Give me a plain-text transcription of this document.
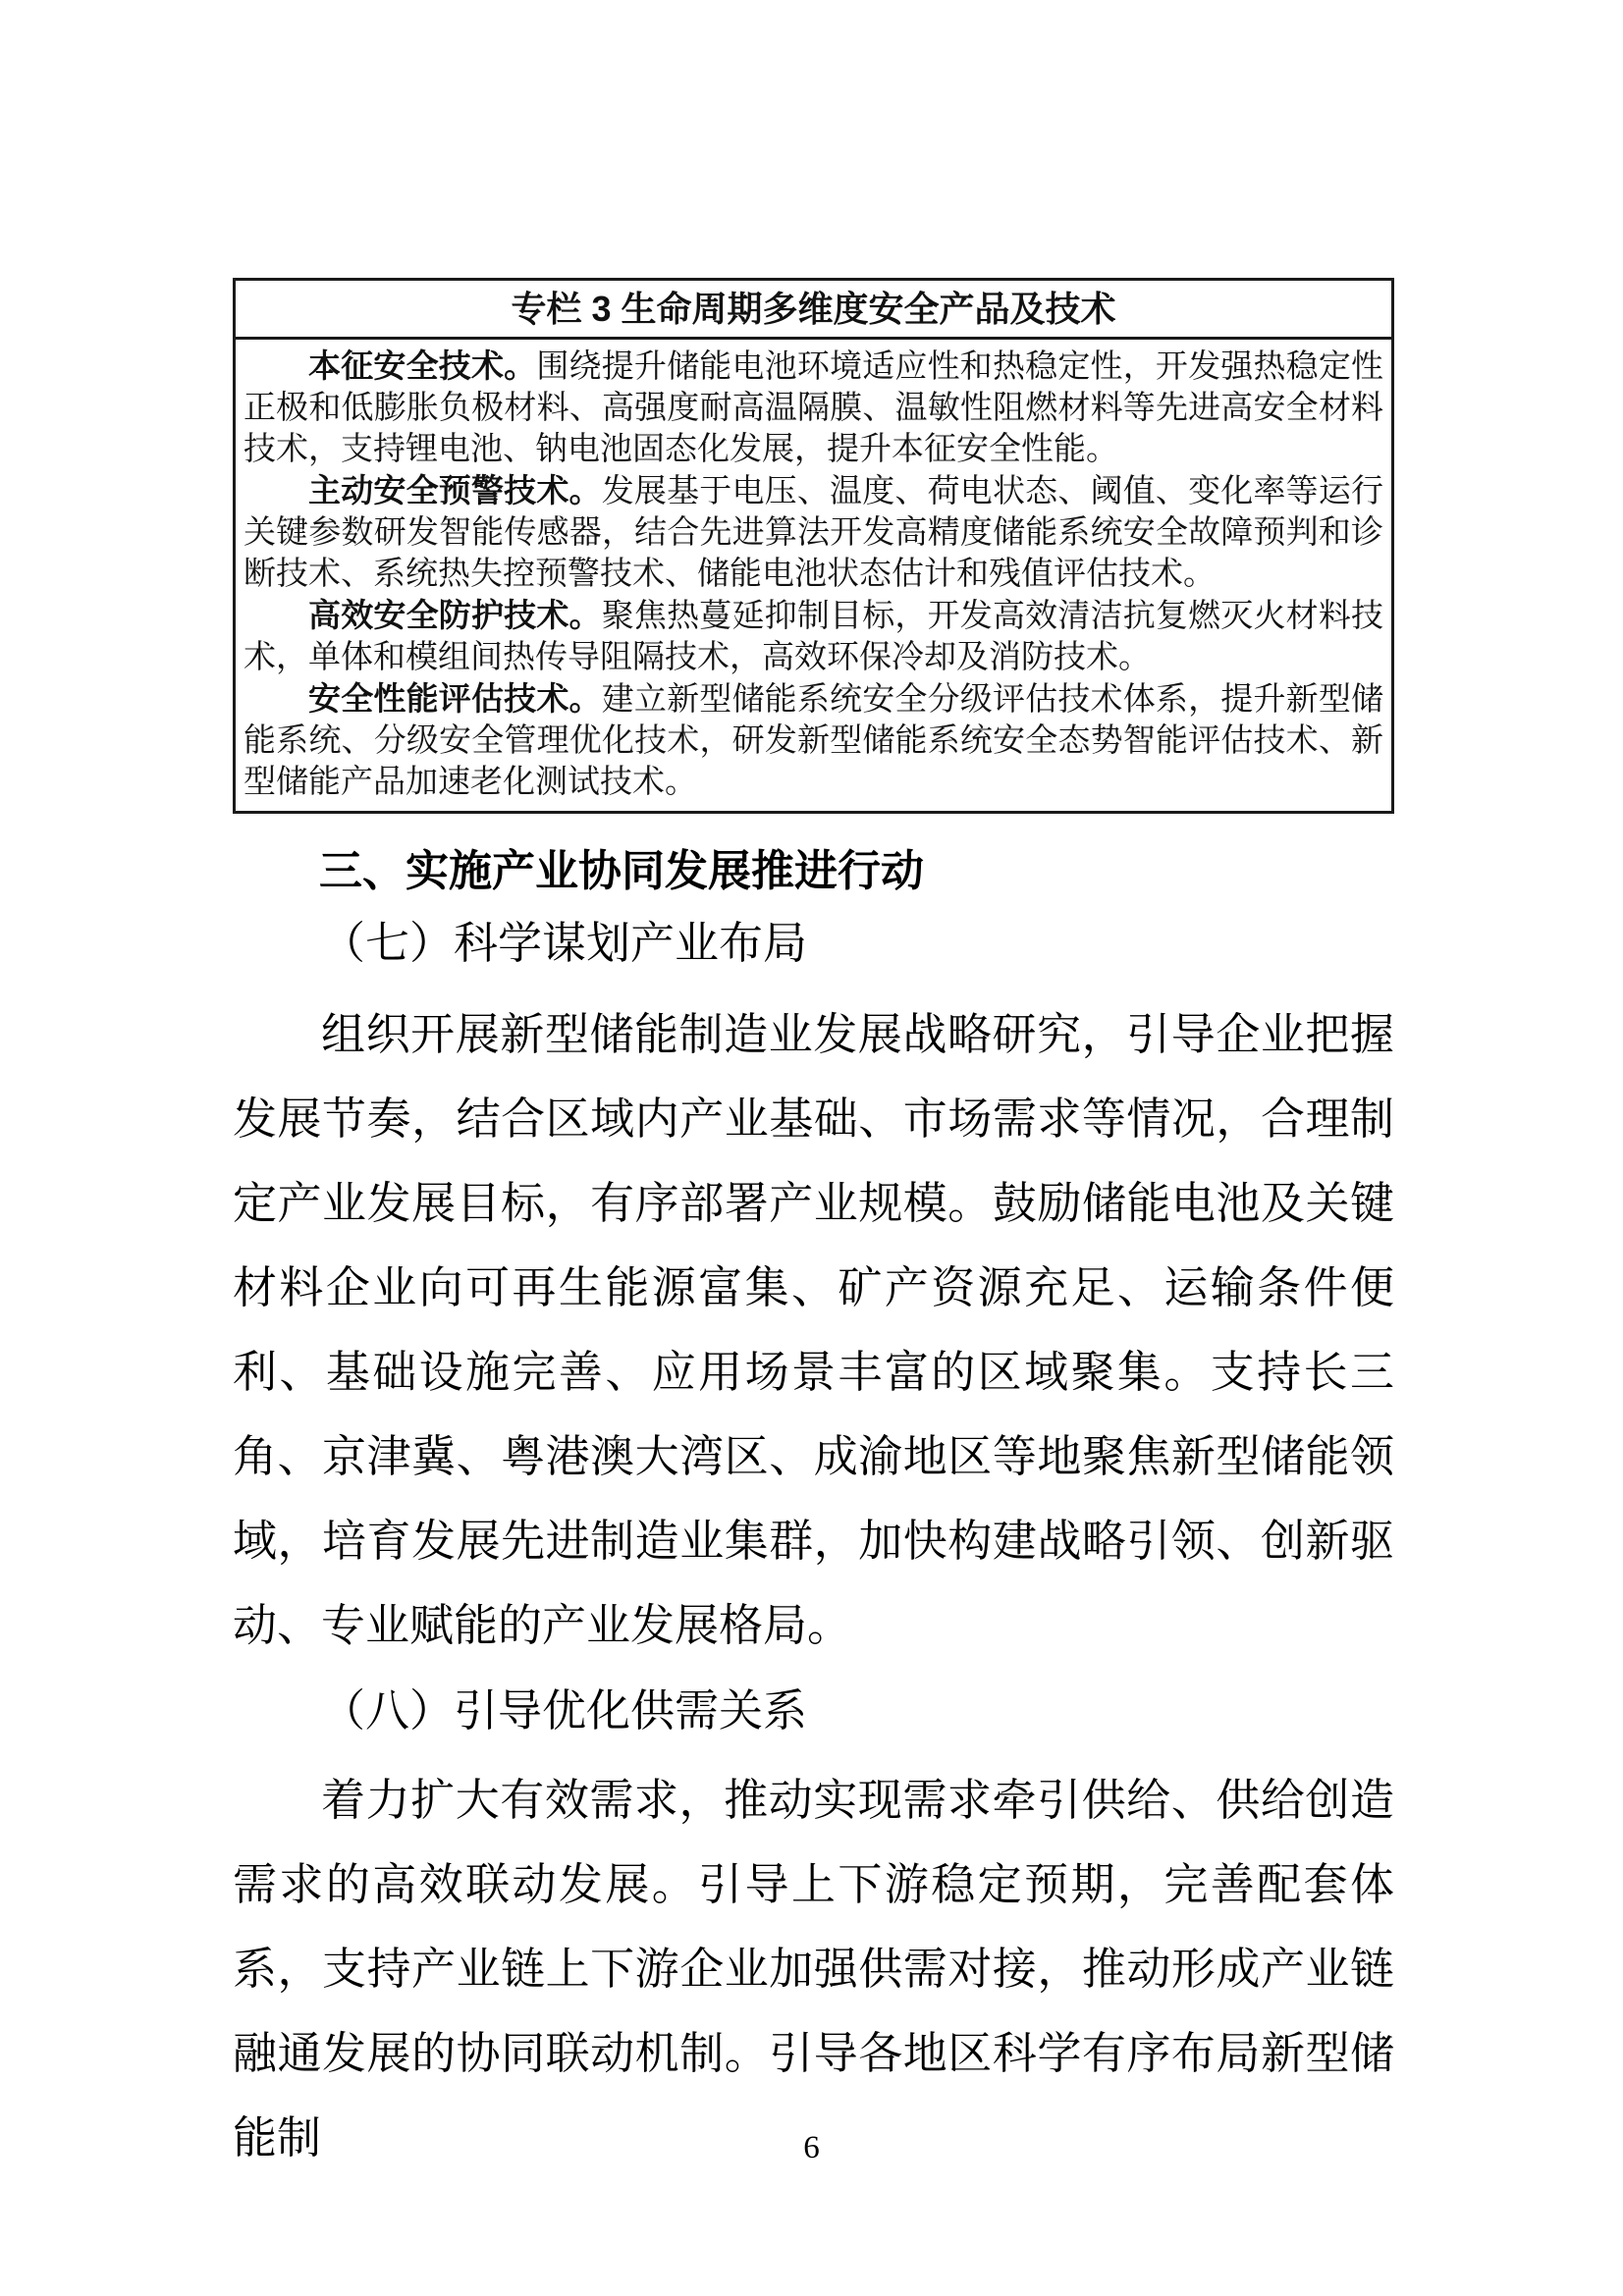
专栏 3 生命周期多维度安全产品及技术

本征安全技术。围绕提升储能电池环境适应性和热稳定性，开发强热稳定性正极和低膨胀负极材料、高强度耐高温隔膜、温敏性阻燃材料等先进高安全材料技术，支持锂电池、钠电池固态化发展，提升本征安全性能。

主动安全预警技术。发展基于电压、温度、荷电状态、阈值、变化率等运行关键参数研发智能传感器，结合先进算法开发高精度储能系统安全故障预判和诊断技术、系统热失控预警技术、储能电池状态估计和残值评估技术。

高效安全防护技术。聚焦热蔓延抑制目标，开发高效清洁抗复燃灭火材料技术，单体和模组间热传导阻隔技术，高效环保冷却及消防技术。

安全性能评估技术。建立新型储能系统安全分级评估技术体系，提升新型储能系统、分级安全管理优化技术，研发新型储能系统安全态势智能评估技术、新型储能产品加速老化测试技术。

三、实施产业协同发展推进行动
（七）科学谋划产业布局

组织开展新型储能制造业发展战略研究，引导企业把握发展节奏，结合区域内产业基础、市场需求等情况，合理制定产业发展目标，有序部署产业规模。鼓励储能电池及关键材料企业向可再生能源富集、矿产资源充足、运输条件便利、基础设施完善、应用场景丰富的区域聚集。支持长三角、京津冀、粤港澳大湾区、成渝地区等地聚焦新型储能领域，培育发展先进制造业集群，加快构建战略引领、创新驱动、专业赋能的产业发展格局。

（八）引导优化供需关系

着力扩大有效需求，推动实现需求牵引供给、供给创造需求的高效联动发展。引导上下游稳定预期，完善配套体系，支持产业链上下游企业加强供需对接，推动形成产业链融通发展的协同联动机制。引导各地区科学有序布局新型储能制	6
